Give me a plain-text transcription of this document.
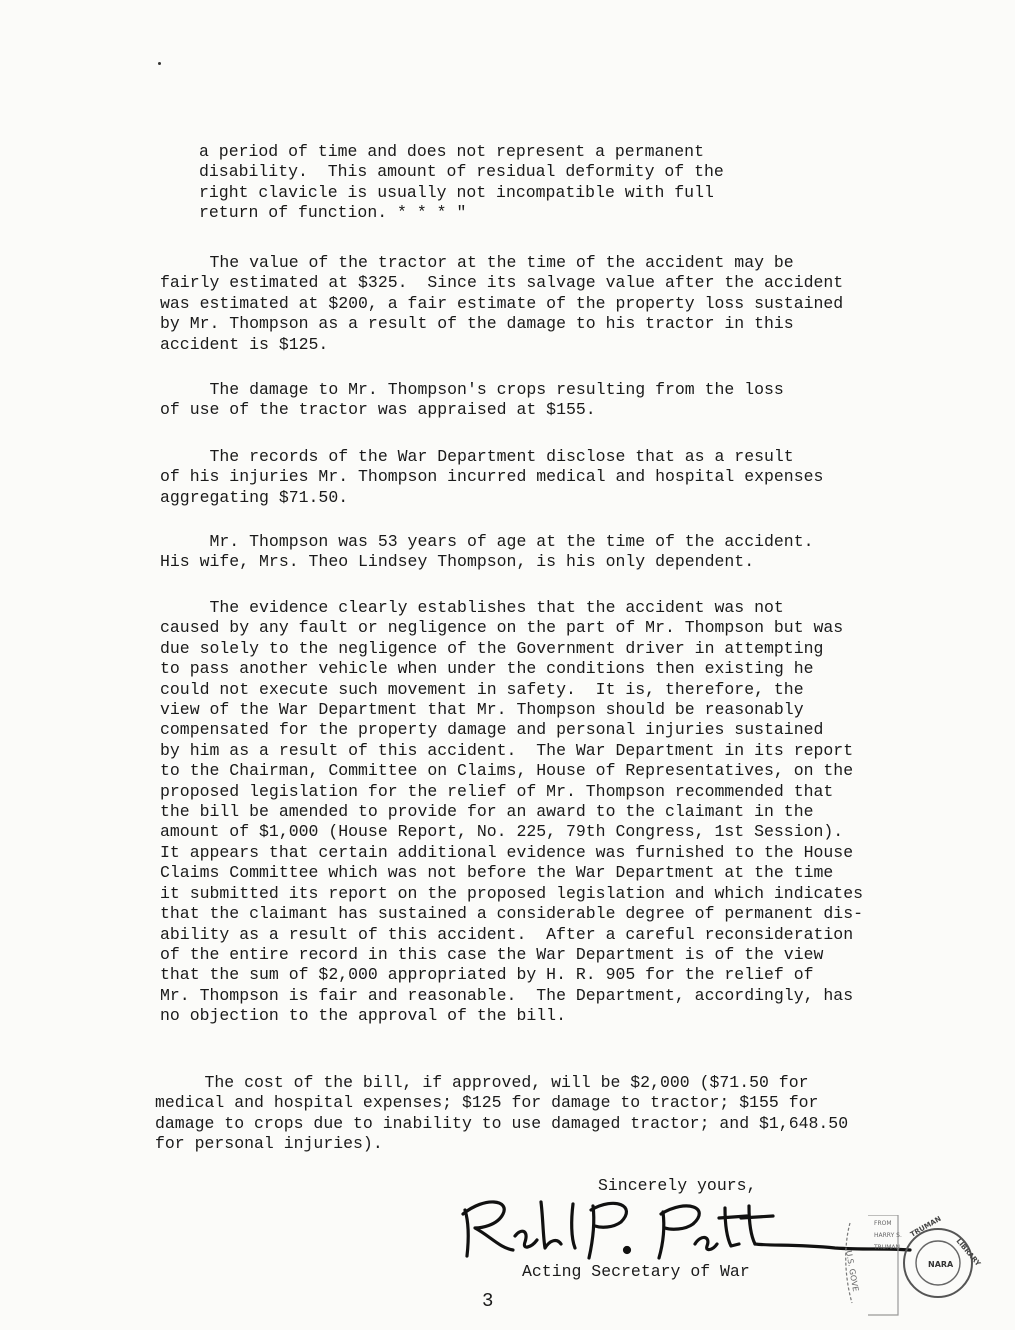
a period of time and does not represent a permanent
disability.  This amount of residual deformity of the
right clavicle is usually not incompatible with full
return of function. * * * "

The value of the tractor at the time of the accident may be
fairly estimated at $325.  Since its salvage value after the accident
was estimated at $200, a fair estimate of the property loss sustained
by Mr. Thompson as a result of the damage to his tractor in this
accident is $125.

The damage to Mr. Thompson's crops resulting from the loss
of use of the tractor was appraised at $155.

The records of the War Department disclose that as a result
of his injuries Mr. Thompson incurred medical and hospital expenses
aggregating $71.50.

Mr. Thompson was 53 years of age at the time of the accident.
His wife, Mrs. Theo Lindsey Thompson, is his only dependent.

The evidence clearly establishes that the accident was not
caused by any fault or negligence on the part of Mr. Thompson but was
due solely to the negligence of the Government driver in attempting
to pass another vehicle when under the conditions then existing he
could not execute such movement in safety.  It is, therefore, the
view of the War Department that Mr. Thompson should be reasonably
compensated for the property damage and personal injuries sustained
by him as a result of this accident.  The War Department in its report
to the Chairman, Committee on Claims, House of Representatives, on the
proposed legislation for the relief of Mr. Thompson recommended that
the bill be amended to provide for an award to the claimant in the
amount of $1,000 (House Report, No. 225, 79th Congress, 1st Session).
It appears that certain additional evidence was furnished to the House
Claims Committee which was not before the War Department at the time
it submitted its report on the proposed legislation and which indicates
that the claimant has sustained a considerable degree of permanent dis-
ability as a result of this accident.  After a careful reconsideration
of the entire record in this case the War Department is of the view
that the sum of $2,000 appropriated by H. R. 905 for the relief of
Mr. Thompson is fair and reasonable.  The Department, accordingly, has
no objection to the approval of the bill.

The cost of the bill, if approved, will be $2,000 ($71.50 for
medical and hospital expenses; $125 for damage to tractor; $155 for
damage to crops due to inability to use damaged tractor; and $1,648.50
for personal injuries).

Sincerely yours,
Acting Secretary of War
3
FROM
HARRY S.
TRUMAN
NARA
TRUMAN
LIBRARY
U.S. GOVE
